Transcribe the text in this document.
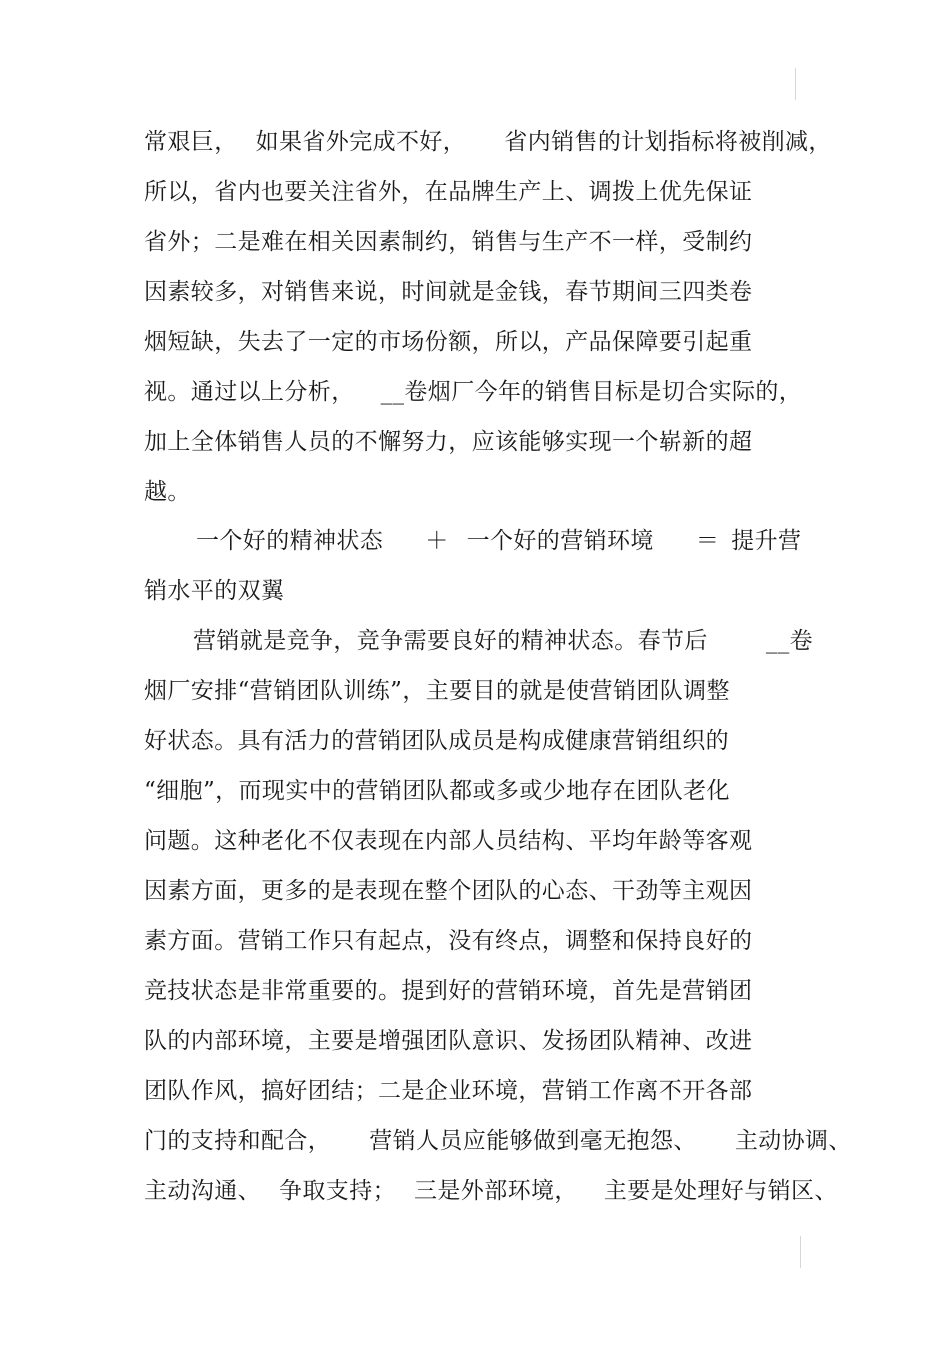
常艰巨， 如果省外完成不好， 省内销售的计划指标将被削减，
所以，省内也要关注省外，在品牌生产上、调拨上优先保证
省外；二是难在相关因素制约，销售与生产不一样，受制约
因素较多，对销售来说，时间就是金钱，春节期间三四类卷
烟短缺，失去了一定的市场份额，所以，产品保障要引起重
视。通过以上分析， __卷烟厂今年的销售目标是切合实际的，
加上全体销售人员的不懈努力，应该能够实现一个崭新的超
越。
一个好的精神状态 ＋ 一个好的营销环境 ＝ 提升营
销水平的双翼
营销就是竞争，竞争需要良好的精神状态。春节后	__卷
烟厂安排“营销团队训练”，主要目的就是使营销团队调整
好状态。具有活力的营销团队成员是构成健康营销组织的
“细胞”，而现实中的营销团队都或多或少地存在团队老化
问题。这种老化不仅表现在内部人员结构、平均年龄等客观
因素方面，更多的是表现在整个团队的心态、干劲等主观因
素方面。营销工作只有起点，没有终点，调整和保持良好的
竞技状态是非常重要的。提到好的营销环境，首先是营销团
队的内部环境，主要是增强团队意识、发扬团队精神、改进
团队作风，搞好团结；二是企业环境，营销工作离不开各部
门的支持和配合， 营销人员应能够做到毫无抱怨、 主动协调、
主动沟通、 争取支持； 三是外部环境， 主要是处理好与销区、
